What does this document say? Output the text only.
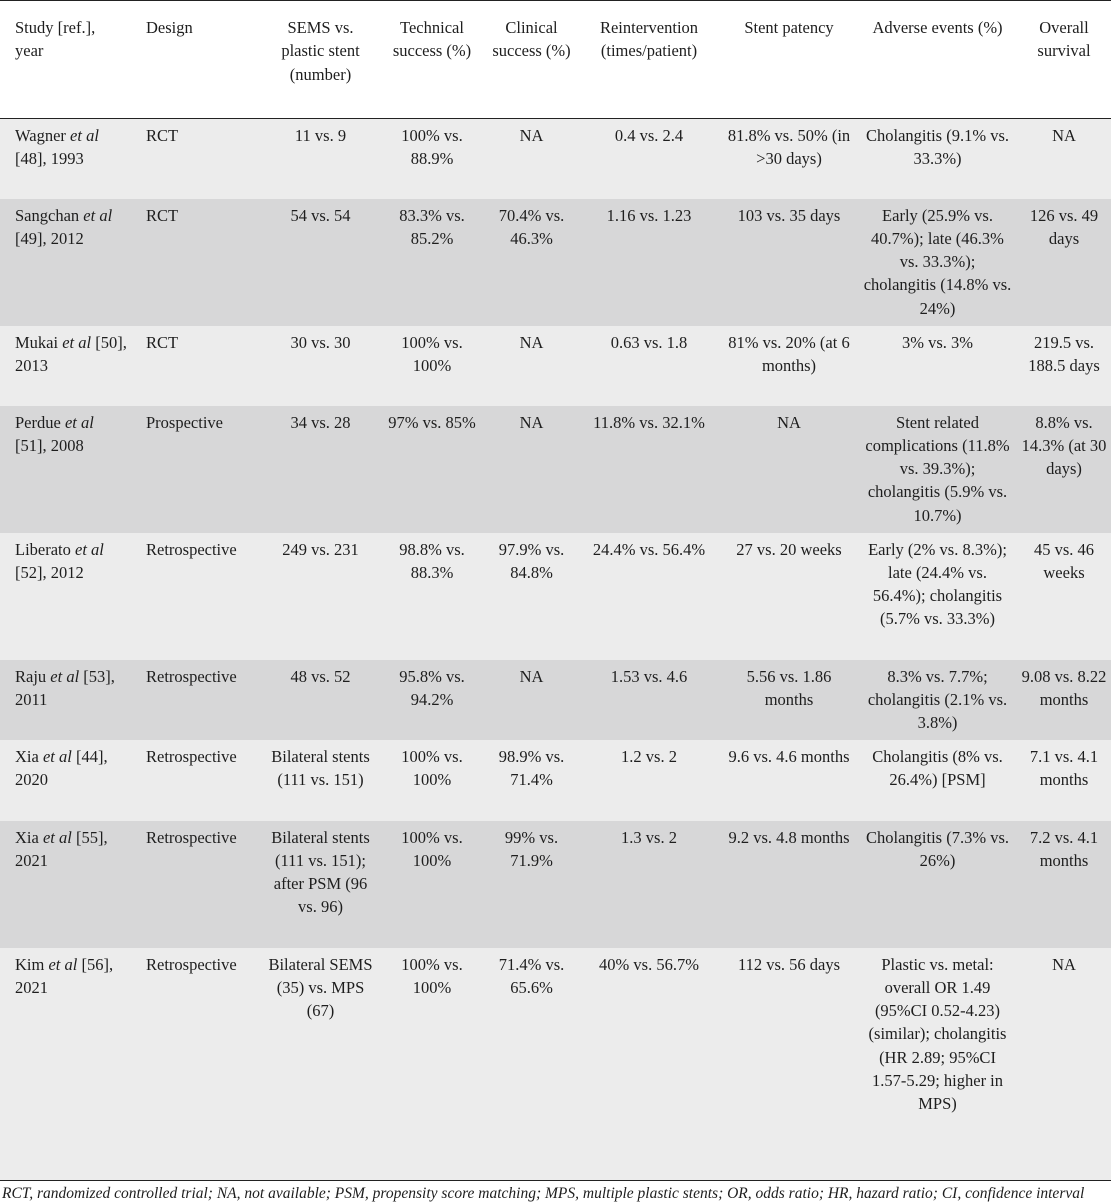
Study [ref.], year	Design	SEMS vs. plastic stent (number)	Technical success (%)	Clinical success (%)	Reintervention (times/patient)	Stent patency	Adverse events (%)	Overall survival
Wagner et al [48], 1993	RCT	11 vs. 9	100% vs. 88.9%	NA	0.4 vs. 2.4	81.8% vs. 50% (in >30 days)	Cholangitis (9.1% vs. 33.3%)	NA
Sangchan et al [49], 2012	RCT	54 vs. 54	83.3% vs. 85.2%	70.4% vs. 46.3%	1.16 vs. 1.23	103 vs. 35 days	Early (25.9% vs. 40.7%); late (46.3% vs. 33.3%); cholangitis (14.8% vs. 24%)	126 vs. 49 days
Mukai et al [50], 2013	RCT	30 vs. 30	100% vs. 100%	NA	0.63 vs. 1.8	81% vs. 20% (at 6 months)	3% vs. 3%	219.5 vs. 188.5 days
Perdue et al [51], 2008	Prospective	34 vs. 28	97% vs. 85%	NA	11.8% vs. 32.1%	NA	Stent related complications (11.8% vs. 39.3%); cholangitis (5.9% vs. 10.7%)	8.8% vs. 14.3% (at 30 days)
Liberato et al [52], 2012	Retrospective	249 vs. 231	98.8% vs. 88.3%	97.9% vs. 84.8%	24.4% vs. 56.4%	27 vs. 20 weeks	Early (2% vs. 8.3%); late (24.4% vs. 56.4%); cholangitis (5.7% vs. 33.3%)	45 vs. 46 weeks
Raju et al [53], 2011	Retrospective	48 vs. 52	95.8% vs. 94.2%	NA	1.53 vs. 4.6	5.56 vs. 1.86 months	8.3% vs. 7.7%; cholangitis (2.1% vs. 3.8%)	9.08 vs. 8.22 months
Xia et al [44], 2020	Retrospective	Bilateral stents (111 vs. 151)	100% vs. 100%	98.9% vs. 71.4%	1.2 vs. 2	9.6 vs. 4.6 months	Cholangitis (8% vs. 26.4%) [PSM]	7.1 vs. 4.1 months
Xia et al [55], 2021	Retrospective	Bilateral stents (111 vs. 151); after PSM (96 vs. 96)	100% vs. 100%	99% vs. 71.9%	1.3 vs. 2	9.2 vs. 4.8 months	Cholangitis (7.3% vs. 26%)	7.2 vs. 4.1 months
Kim et al [56], 2021	Retrospective	Bilateral SEMS (35) vs. MPS (67)	100% vs. 100%	71.4% vs. 65.6%	40% vs. 56.7%	112 vs. 56 days	Plastic vs. metal: overall OR 1.49 (95%CI 0.52-4.23) (similar); cholangitis (HR 2.89; 95%CI 1.57-5.29; higher in MPS)	NA
RCT, randomized controlled trial; NA, not available; PSM, propensity score matching; MPS, multiple plastic stents; OR, odds ratio; HR, hazard ratio; CI, confidence interval
